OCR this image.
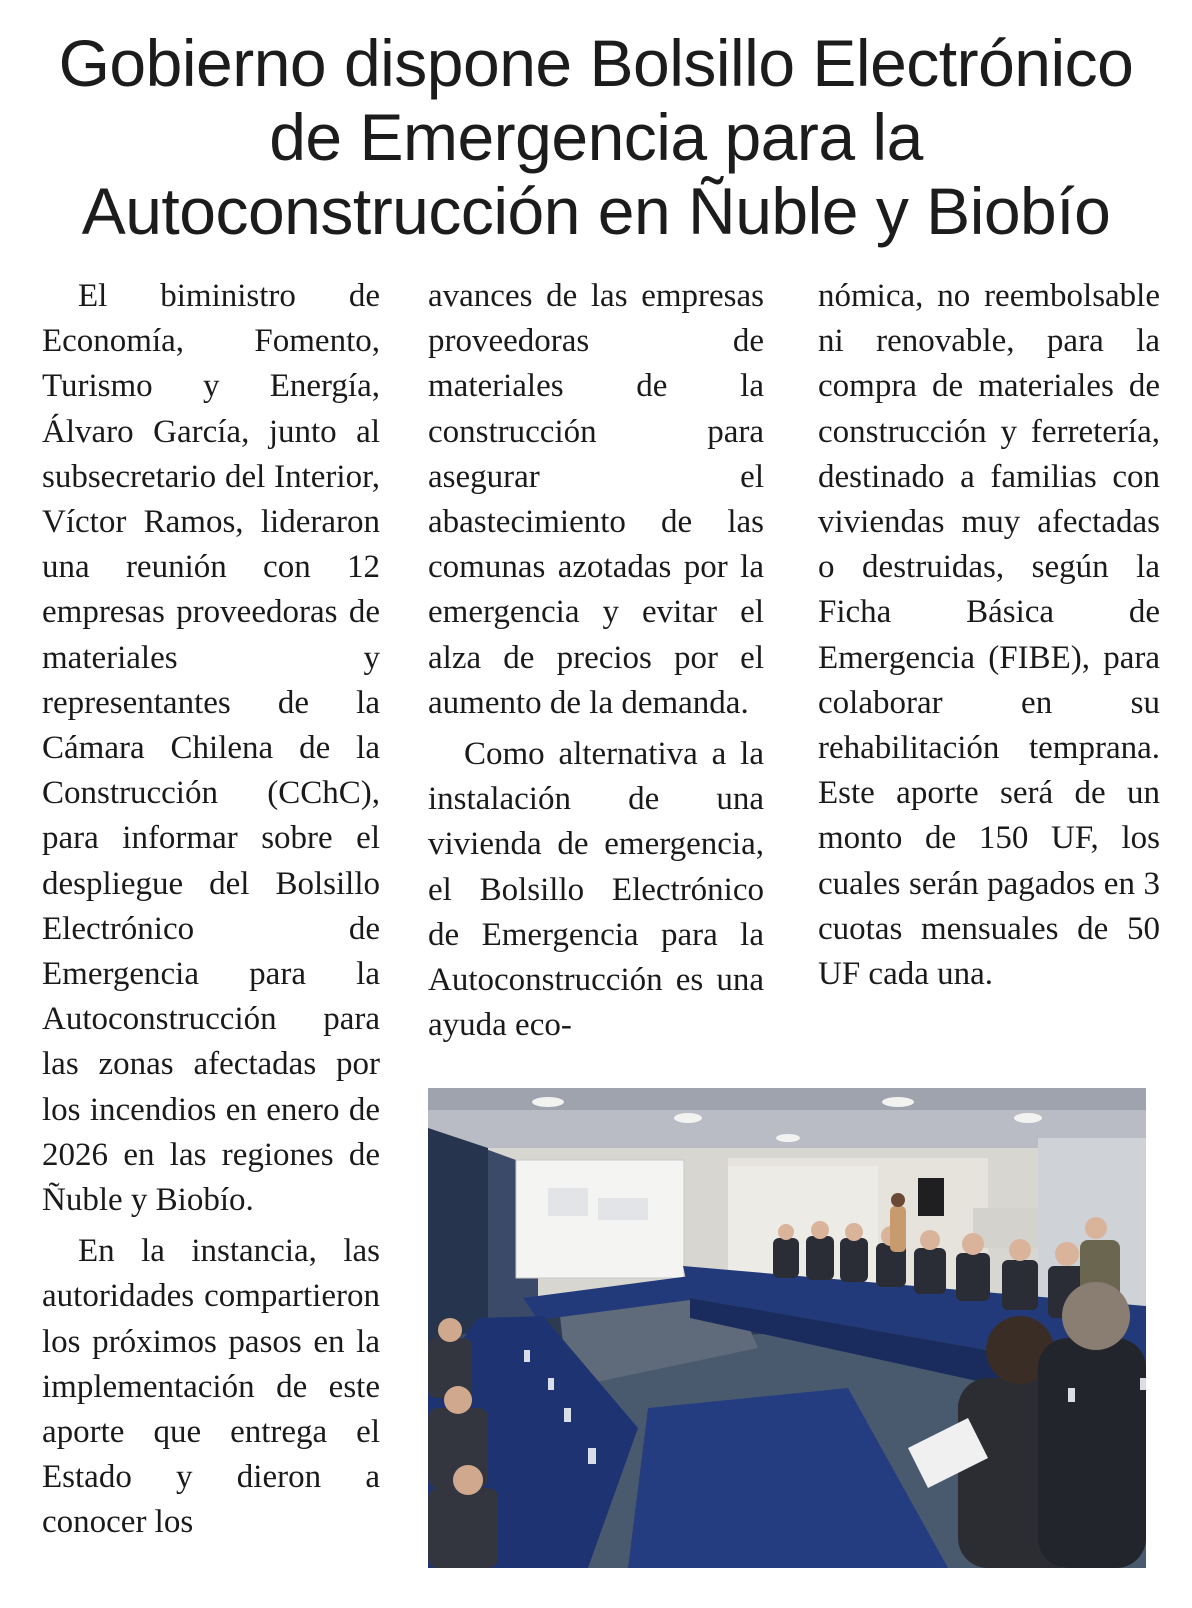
Gobierno dispone Bolsillo Electrónico
de Emergencia para la
Autoconstrucción en Ñuble y Biobío

El biministro de Economía, Fomento, Turismo y Energía, Álvaro García, junto al subsecretario del Interior, Víctor Ramos, lideraron una reunión con 12 empresas proveedoras de materiales y representantes de la Cámara Chilena de la Construcción (CChC), para informar sobre el despliegue del Bolsillo Electrónico de Emergencia para la Autoconstrucción para las zonas afectadas por los incendios en enero de 2026 en las regiones de Ñuble y Biobío.

En la instancia, las autoridades compartieron los próximos pasos en la implementación de este aporte que entrega el Estado y dieron a conocer los

avances de las empresas proveedoras de materiales de la construcción para asegurar el abastecimiento de las comunas azotadas por la emergencia y evitar el alza de precios por el aumento de la demanda.

Como alternativa a la instalación de una vivienda de emergencia, el Bolsillo Electrónico de Emergencia para la Autoconstrucción es una ayuda eco-

nómica, no reembolsable ni renovable, para la compra de materiales de construcción y ferretería, destinado a familias con viviendas muy afectadas o destruidas, según la Ficha Básica de Emergencia (FIBE), para colaborar en su rehabilitación temprana. Este aporte será de un monto de 150 UF, los cuales serán pagados en 3 cuotas mensuales de 50 UF cada una.
